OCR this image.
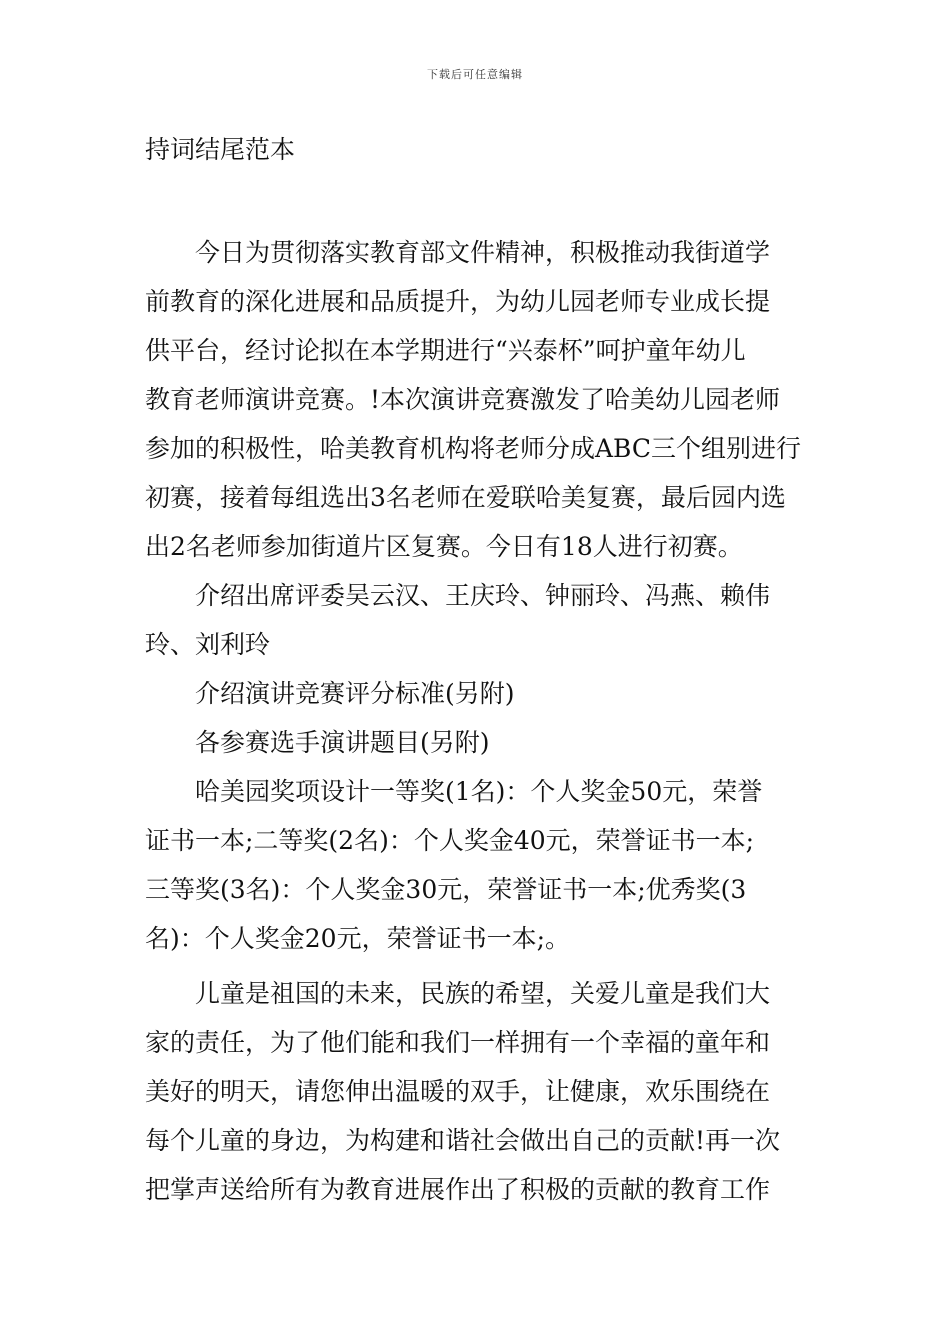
下载后可任意编辑
持词结尾范本
今日为贯彻落实教育部文件精神，积极推动我街道学
前教育的深化进展和品质提升，为幼儿园老师专业成长提
供平台，经讨论拟在本学期进行“兴泰杯”呵护童年幼儿
教育老师演讲竞赛。!本次演讲竞赛激发了哈美幼儿园老师
参加的积极性，哈美教育机构将老师分成ABC三个组别进行
初赛，接着每组选出3名老师在爱联哈美复赛，最后园内选
出2名老师参加街道片区复赛。今日有18人进行初赛。
介绍出席评委吴云汉、王庆玲、钟丽玲、冯燕、赖伟
玲、刘利玲
介绍演讲竞赛评分标准(另附)
各参赛选手演讲题目(另附)
哈美园奖项设计一等奖(1名)：个人奖金50元，荣誉
证书一本;二等奖(2名)：个人奖金40元，荣誉证书一本;
三等奖(3名)：个人奖金30元，荣誉证书一本;优秀奖(3
名)：个人奖金20元，荣誉证书一本;。
儿童是祖国的未来，民族的希望，关爱儿童是我们大
家的责任，为了他们能和我们一样拥有一个幸福的童年和
美好的明天，请您伸出温暖的双手，让健康，欢乐围绕在
每个儿童的身边，为构建和谐社会做出自己的贡献!再一次
把掌声送给所有为教育进展作出了积极的贡献的教育工作
